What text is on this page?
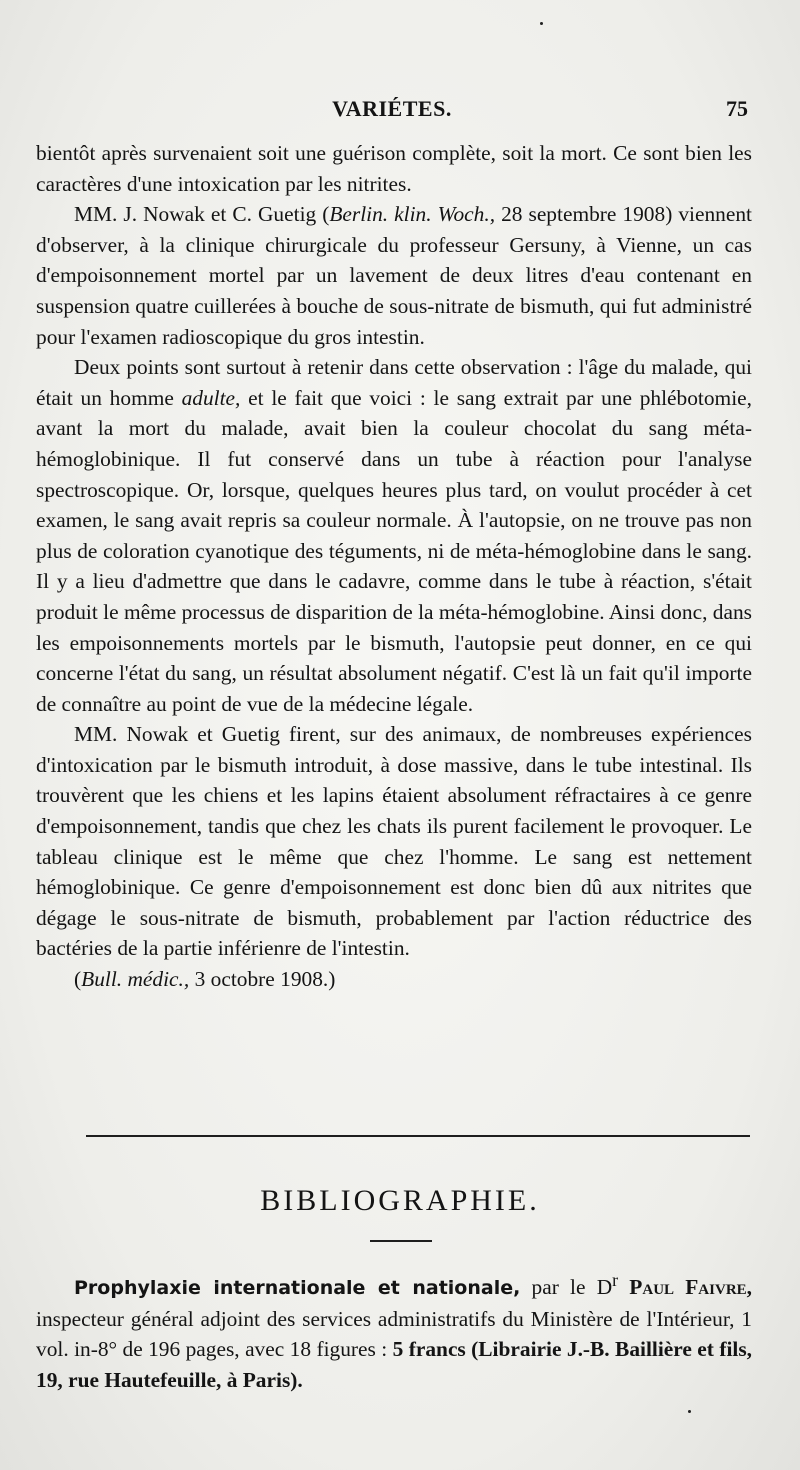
VARIÉTES.	75

bientôt après survenaient soit une guérison complète, soit la mort. Ce sont bien les caractères d'une intoxication par les nitrites.

MM. J. Nowak et C. Guetig (Berlin. klin. Woch., 28 septembre 1908) viennent d'observer, à la clinique chirurgicale du professeur Gersuny, à Vienne, un cas d'empoisonnement mortel par un lavement de deux litres d'eau contenant en suspension quatre cuillerées à bouche de sous-nitrate de bismuth, qui fut administré pour l'examen radioscopique du gros intestin.

Deux points sont surtout à retenir dans cette observation : l'âge du malade, qui était un homme adulte, et le fait que voici : le sang extrait par une phlébotomie, avant la mort du malade, avait bien la couleur chocolat du sang méta-hémoglobinique. Il fut conservé dans un tube à réaction pour l'analyse spectroscopique. Or, lorsque, quelques heures plus tard, on voulut procéder à cet examen, le sang avait repris sa couleur normale. À l'autopsie, on ne trouve pas non plus de coloration cyanotique des téguments, ni de méta-hémoglobine dans le sang. Il y a lieu d'admettre que dans le cadavre, comme dans le tube à réaction, s'était produit le même processus de disparition de la méta-hémoglobine. Ainsi donc, dans les empoisonnements mortels par le bismuth, l'autopsie peut donner, en ce qui concerne l'état du sang, un résultat absolument négatif. C'est là un fait qu'il importe de connaître au point de vue de la médecine légale.

MM. Nowak et Guetig firent, sur des animaux, de nombreuses expériences d'intoxication par le bismuth introduit, à dose massive, dans le tube intestinal. Ils trouvèrent que les chiens et les lapins étaient absolument réfractaires à ce genre d'empoisonnement, tandis que chez les chats ils purent facilement le provoquer. Le tableau clinique est le même que chez l'homme. Le sang est nettement hémoglobinique. Ce genre d'empoisonnement est donc bien dû aux nitrites que dégage le sous-nitrate de bismuth, probablement par l'action réductrice des bactéries de la partie inférienre de l'intestin.

(Bull. médic., 3 octobre 1908.)

BIBLIOGRAPHIE.

Prophylaxie internationale et nationale, par le $D^r$ Paul Faivre, inspecteur général adjoint des services administratifs du Ministère de l'Intérieur, 1 vol. in-8° de 196 pages, avec 18 figures : 5 francs (Librairie J.-B. Baillière et fils, 19, rue Hautefeuille, à Paris).
